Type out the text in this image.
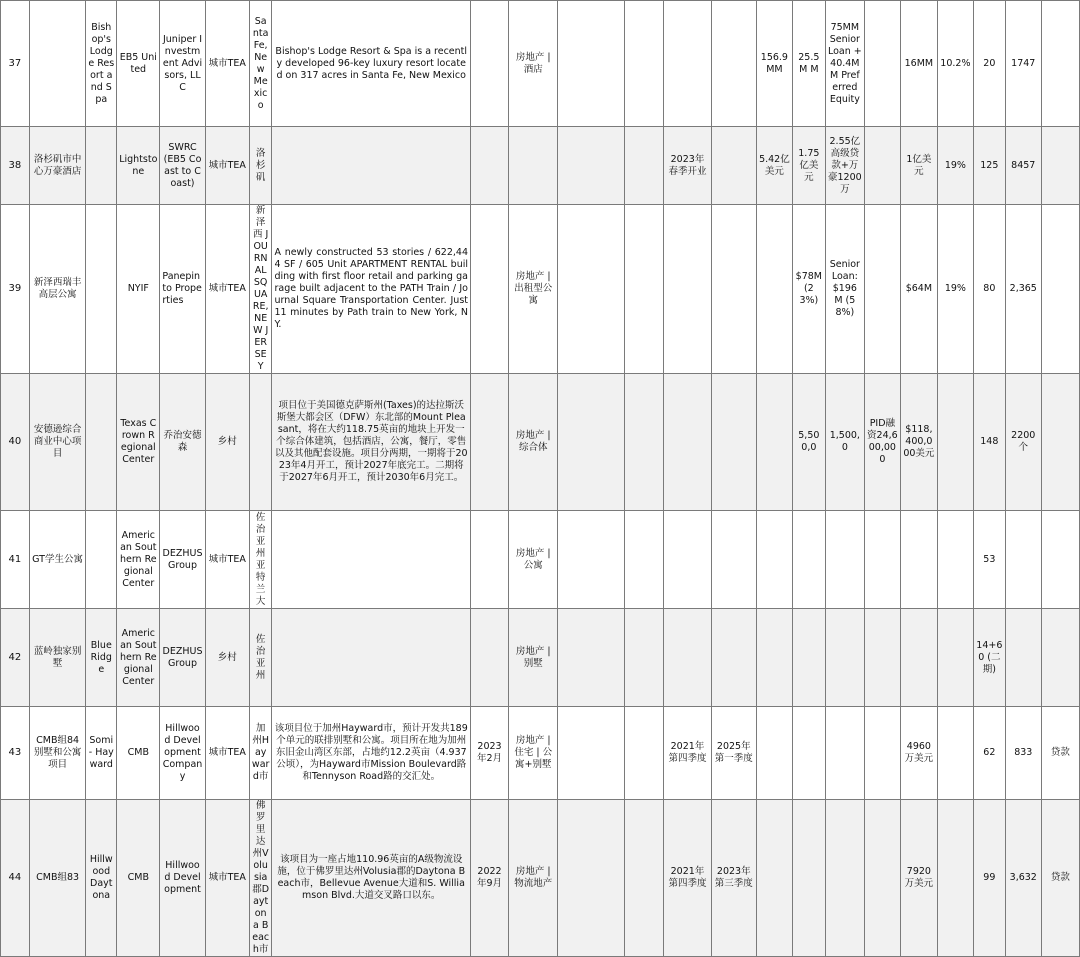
37		Bishop's Lodge Resort and Spa	EB5 United	Juniper Investment Advisors, LLC	城市TEA	Santa Fe, New Mexico	Bishop's Lodge Resort & Spa is a recently developed 96-key luxury resort located on 317 acres in Santa Fe, New Mexico		房地产 | 酒店					156.9 MM	25.5M M	75MM Senior Loan + 40.4M M Preferred Equity		16MM	10.2%	20	1747	
38	洛杉矶市中心万豪酒店		Lightstone	SWRC (EB5 Coast to Coast)	城市TEA	洛杉矶						2023年春季开业		5.42亿美元	1.75亿美元	2.55亿高级贷款+万豪1200万		1亿美元	19%	125	8457	
39	新泽西瑞丰高层公寓		NYIF	Panepinto Properties	城市TEA	新泽西 JOURNAL SQUARE, NEW JERSEY	A newly constructed 53 stories / 622,444 SF / 605 Unit APARTMENT RENTAL building with first floor retail and parking garage built adjacent to the PATH Train / Journal Square Transportation Center. Just 11 minutes by Path train to New York, NY.		房地产 | 出租型公寓						$78M (23%)	Senior Loan: $196 M (58%)		$64M	19%	80	2,365	
40	安德逊综合商业中心项目		Texas Crown Regional Center	乔治安德森	乡村		项目位于美国德克萨斯州(Taxes)的达拉斯沃斯堡大都会区（DFW）东北部的Mount Pleasant，将在大约118.75英亩的地块上开发一个综合体建筑，包括酒店，公寓，餐厅，零售以及其他配套设施。项目分两期，一期将于2023年4月开工，预计2027年底完工。二期将于2027年6月开工，预计2030年6月完工。		房地产 | 综合体						5,500,0	1,500,0	PID融资24,600,000	$118,400,000美元		148	2200个	
41	GT学生公寓		American Southern Regional Center	DEZHUS Group	城市TEA	佐治亚州亚特兰大			房地产 | 公寓											53		
42	蓝岭独家别墅	Blue Ridge	American Southern Regional Center	DEZHUS Group	乡村	佐治亚州			房地产 | 别墅											14+60 (二期)		
43	CMB组84别墅和公寓项目	Somi - Hayward	CMB	Hillwood Development Company	城市TEA	加州Hayward市	该项目位于加州Hayward市，预计开发共189个单元的联排别墅和公寓。项目所在地为加州东旧金山湾区东部，占地约12.2英亩（4.937公顷），为Hayward市Mission Boulevard路和Tennyson Road路的交汇处。	2023年2月	房地产 | 住宅 | 公寓+别墅			2021年第四季度	2025年第一季度					4960万美元		62	833	贷款
44	CMB组83	Hillwood Daytona	CMB	Hillwood Development	城市TEA	佛罗里达州Volusia郡Daytona Beach市	该项目为一座占地110.96英亩的A级物流设施，位于佛罗里达州Volusia郡的Daytona Beach市，Bellevue Avenue大道和S. Williamson Blvd.大道交叉路口以东。	2022年9月	房地产 | 物流地产			2021年第四季度	2023年第三季度					7920万美元		99	3,632	贷款
